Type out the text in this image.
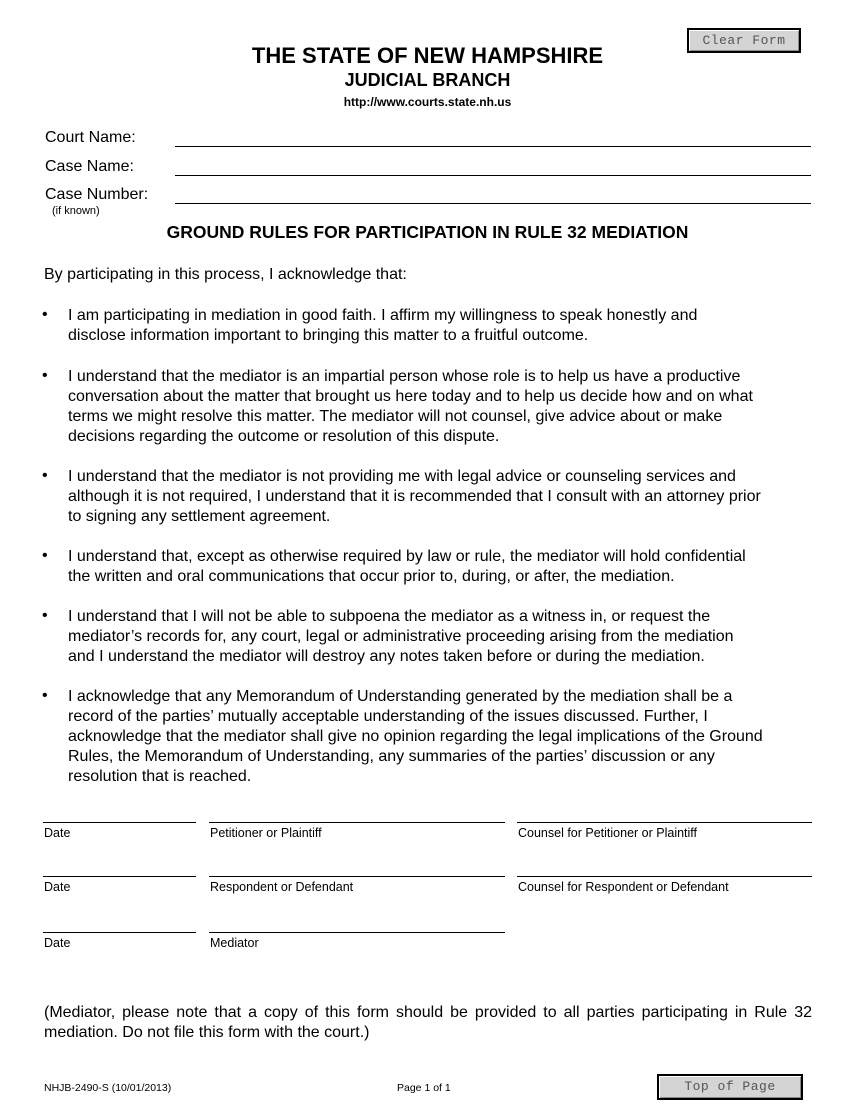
Clear Form
Top of Page
THE STATE OF NEW HAMPSHIRE
JUDICIAL BRANCH
http://www.courts.state.nh.us
Court Name:
Case Name:
Case Number:
(if known)
GROUND RULES FOR PARTICIPATION IN RULE 32 MEDIATION
By participating in this process, I acknowledge that:
• I am participating in mediation in good faith. I affirm my willingness to speak honestly and
disclose information important to bringing this matter to a fruitful outcome.
• I understand that the mediator is an impartial person whose role is to help us have a productive
conversation about the matter that brought us here today and to help us decide how and on what
terms we might resolve this matter. The mediator will not counsel, give advice about or make
decisions regarding the outcome or resolution of this dispute.
• I understand that the mediator is not providing me with legal advice or counseling services and
although it is not required, I understand that it is recommended that I consult with an attorney prior
to signing any settlement agreement.
• I understand that, except as otherwise required by law or rule, the mediator will hold confidential
the written and oral communications that occur prior to, during, or after, the mediation.
• I understand that I will not be able to subpoena the mediator as a witness in, or request the
mediator’s records for, any court, legal or administrative proceeding arising from the mediation
and I understand the mediator will destroy any notes taken before or during the mediation.
• I acknowledge that any Memorandum of Understanding generated by the mediation shall be a
record of the parties’ mutually acceptable understanding of the issues discussed. Further, I
acknowledge that the mediator shall give no opinion regarding the legal implications of the Ground
Rules, the Memorandum of Understanding, any summaries of the parties’ discussion or any
resolution that is reached.
Date	Petitioner or Plaintiff	Counsel for Petitioner or Plaintiff
Date	Respondent or Defendant	Counsel for Respondent or Defendant
Date	Mediator
(Mediator, please note that a copy of this form should be provided to all parties participating in Rule 32
mediation. Do not file this form with the court.)
NHJB-2490-S (10/01/2013)	Page 1 of 1
